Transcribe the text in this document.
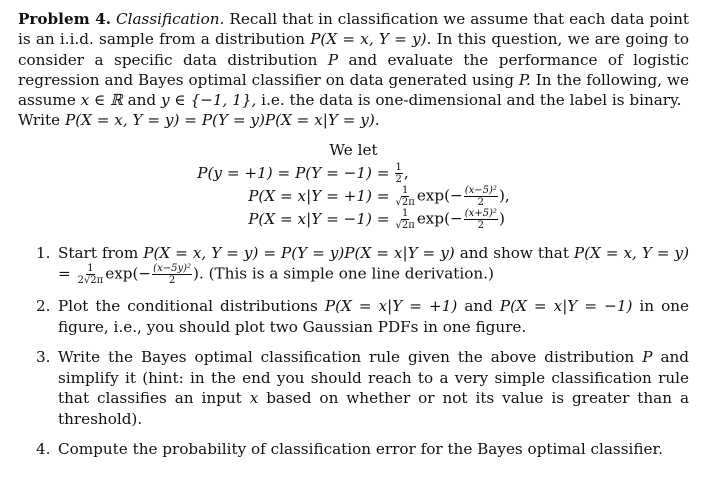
Problem 4. Classification. Recall that in classification we assume that each data point is an i.i.d. sample from a distribution P(X = x, Y = y). In this question, we are going to consider a specific data distribution P and evaluate the performance of logistic regression and Bayes optimal classifier on data generated using P. In the following, we assume x ∈ ℝ and y ∈ {−1, 1}, i.e. the data is one-dimensional and the label is binary.
Write P(X = x, Y = y) = P(Y = y)P(X = x|Y = y).

We let
$P(y = +1) = P(Y = -1) = \frac{1}{2}$ ,
$P(X = x|Y = +1) = \frac{1}{√2\pi} \exp(- \frac{\text{(x−5)²}}{2}$ ),
$P(X = x|Y = -1) = \frac{1}{√2\pi} \exp(- \frac{\text{(x+5)²}}{2}$ )
1. Start from P(X = x, Y = y) = P(Y = y)P(X = x|Y = y) and show that P(X = x, $Y = y) = \frac{1}{2√2\pi} \exp(- \frac{\text{(x−5y)²}}{2}$ ). (This is a simple one line derivation.)
2. Plot the conditional distributions P(X = x|Y = +1) and P(X = x|Y = −1) in one figure, i.e., you should plot two Gaussian PDFs in one figure.
3. Write the Bayes optimal classification rule given the above distribution P and simplify it (hint: in the end you should reach to a very simple classification rule that classifies an input x based on whether or not its value is greater than a threshold).
4. Compute the probability of classification error for the Bayes optimal classifier.
